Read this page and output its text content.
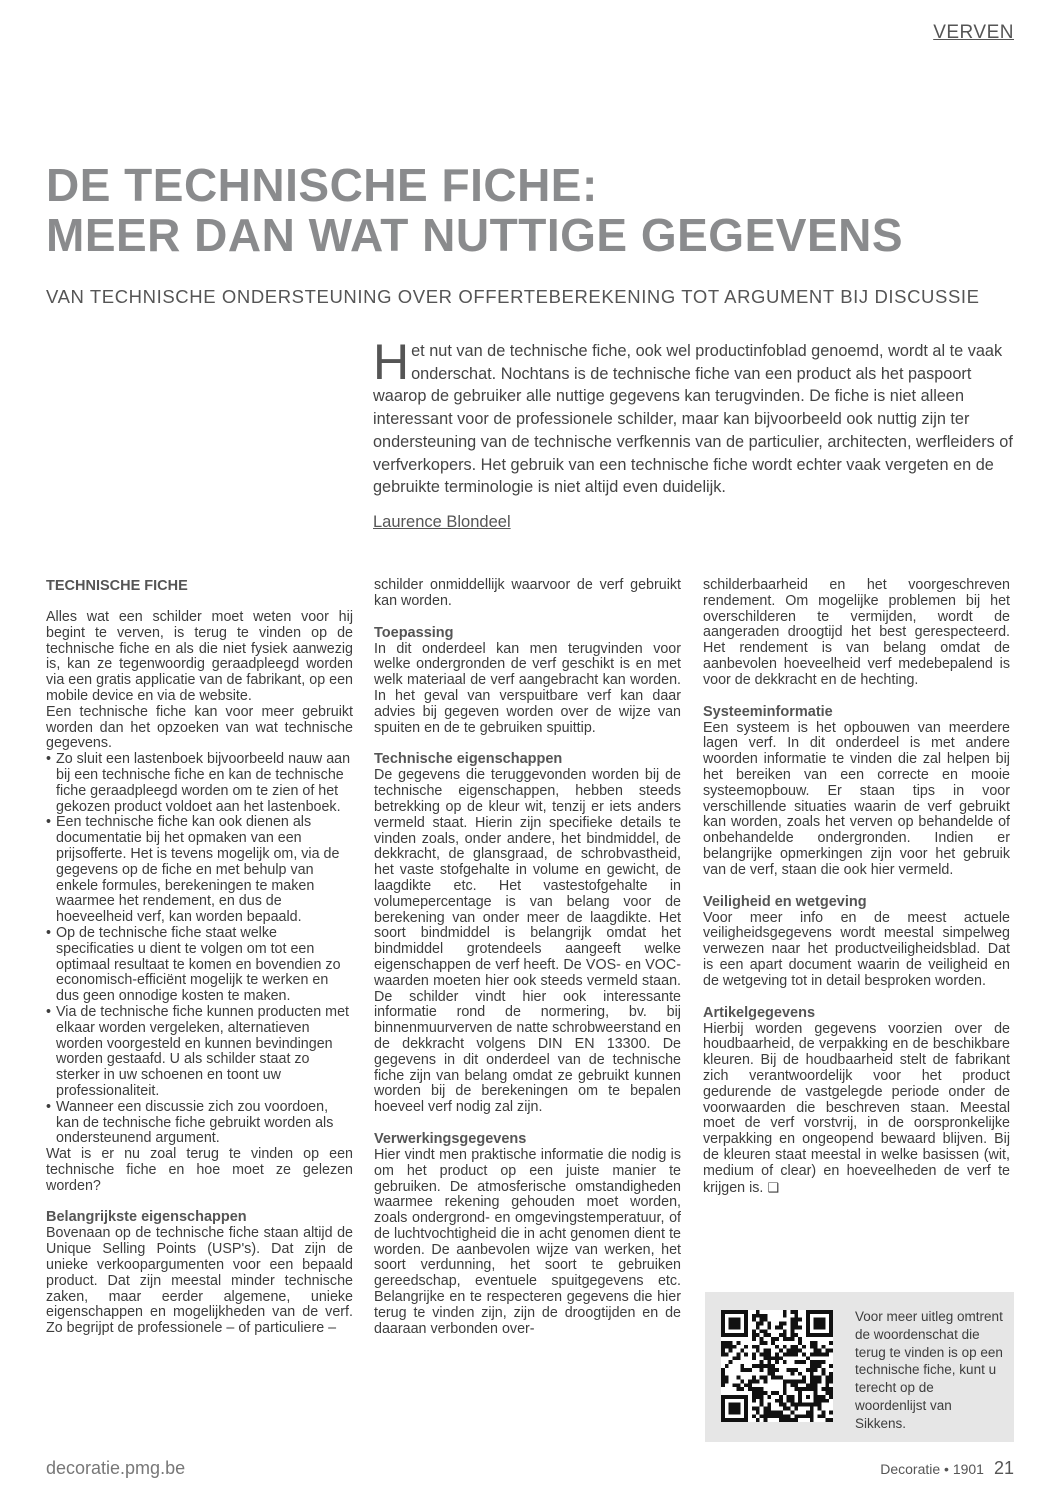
VERVEN
DE TECHNISCHE FICHE:
MEER DAN WAT NUTTIGE GEGEVENS

VAN TECHNISCHE ONDERSTEUNING OVER OFFERTEBEREKENING TOT ARGUMENT BIJ DISCUSSIE

Het nut van de technische fiche, ook wel productinfoblad genoemd, wordt al te vaak onderschat. Nochtans is de technische fiche van een product als het paspoort waarop de gebruiker alle nuttige gegevens kan terugvinden. De fiche is niet alleen interessant voor de professionele schilder, maar kan bijvoorbeeld ook nuttig zijn ter ondersteuning van de technische verfkennis van de particulier, architecten, werfleiders of verfverkopers. Het gebruik van een technische fiche wordt echter vaak vergeten en de gebruikte terminologie is niet altijd even duidelijk.

Laurence Blondeel
TECHNISCHE FICHE

Alles wat een schilder moet weten voor hij begint te verven, is terug te vinden op de technische fiche en als die niet fysiek aanwezig is, kan ze tegenwoordig geraadpleegd worden via een gratis applicatie van de fabrikant, op een mobile device en via de website.

Een technische fiche kan voor meer gebruikt worden dan het opzoeken van wat technische gegevens.

• Zo sluit een lastenboek bijvoorbeeld nauw aan bij een technische fiche en kan de technische fiche geraadpleegd worden om te zien of het gekozen product voldoet aan het lastenboek.
• Een technische fiche kan ook dienen als documentatie bij het opmaken van een prijsofferte. Het is tevens mogelijk om, via de gegevens op de fiche en met behulp van enkele formules, berekeningen te maken waarmee het rendement, en dus de hoeveelheid verf, kan worden bepaald.
• Op de technische fiche staat welke specificaties u dient te volgen om tot een optimaal resultaat te komen en bovendien zo economisch-efficiënt mogelijk te werken en dus geen onnodige kosten te maken.
• Via de technische fiche kunnen producten met elkaar worden vergeleken, alternatieven worden voorgesteld en kunnen bevindingen worden gestaafd. U als schilder staat zo sterker in uw schoenen en toont uw professionaliteit.
• Wanneer een discussie zich zou voordoen, kan de technische fiche gebruikt worden als ondersteunend argument.

Wat is er nu zoal terug te vinden op een technische fiche en hoe moet ze gelezen worden?

Belangrijkste eigenschappen

Bovenaan op de technische fiche staan altijd de Unique Selling Points (USP's). Dat zijn de unieke verkoopargumenten voor een bepaald product. Dat zijn meestal minder technische zaken, maar eerder algemene, unieke eigenschappen en mogelijkheden van de verf. Zo begrijpt de professionele – of particuliere –

schilder onmiddellijk waarvoor de verf gebruikt kan worden.

Toepassing

In dit onderdeel kan men terugvinden voor welke ondergronden de verf geschikt is en met welk materiaal de verf aangebracht kan worden. In het geval van verspuitbare verf kan daar advies bij gegeven worden over de wijze van spuiten en de te gebruiken spuittip.

Technische eigenschappen

De gegevens die teruggevonden worden bij de technische eigenschappen, hebben steeds betrekking op de kleur wit, tenzij er iets anders vermeld staat. Hierin zijn specifieke details te vinden zoals, onder andere, het bindmiddel, de dekkracht, de glansgraad, de schrobvastheid, het vaste stofgehalte in volume en gewicht, de laagdikte etc. Het vastestofgehalte in volumepercentage is van belang voor de berekening van onder meer de laagdikte. Het soort bindmiddel is belangrijk omdat het bindmiddel grotendeels aangeeft welke eigenschappen de verf heeft. De VOS- en VOC-waarden moeten hier ook steeds vermeld staan. De schilder vindt hier ook interessante informatie rond de normering, bv. bij binnenmuurverven de natte schrobweerstand en de dekkracht volgens DIN EN 13300. De gegevens in dit onderdeel van de technische fiche zijn van belang omdat ze gebruikt kunnen worden bij de berekeningen om te bepalen hoeveel verf nodig zal zijn.

Verwerkingsgegevens

Hier vindt men praktische informatie die nodig is om het product op een juiste manier te gebruiken. De atmosferische omstandigheden waarmee rekening gehouden moet worden, zoals ondergrond- en omgevingstemperatuur, of de luchtvochtigheid die in acht genomen dient te worden. De aanbevolen wijze van werken, het soort verdunning, het soort te gebruiken gereedschap, eventuele spuitgegevens etc. Belangrijke en te respecteren gegevens die hier terug te vinden zijn, zijn de droogtijden en de daaraan verbonden over-

schilderbaarheid en het voorgeschreven rendement. Om mogelijke problemen bij het overschilderen te vermijden, wordt de aangeraden droogtijd het best gerespecteerd. Het rendement is van belang omdat de aanbevolen hoeveelheid verf medebepalend is voor de dekkracht en de hechting.

Systeeminformatie

Een systeem is het opbouwen van meerdere lagen verf. In dit onderdeel is met andere woorden informatie te vinden die zal helpen bij het bereiken van een correcte en mooie systeemopbouw. Er staan tips in voor verschillende situaties waarin de verf gebruikt kan worden, zoals het verven op behandelde of onbehandelde ondergronden. Indien er belangrijke opmerkingen zijn voor het gebruik van de verf, staan die ook hier vermeld.

Veiligheid en wetgeving

Voor meer info en de meest actuele veiligheidsgegevens wordt meestal simpelweg verwezen naar het productveiligheidsblad. Dat is een apart document waarin de veiligheid en de wetgeving tot in detail besproken worden.

Artikelgegevens

Hierbij worden gegevens voorzien over de houdbaarheid, de verpakking en de beschikbare kleuren. Bij de houdbaarheid stelt de fabrikant zich verantwoordelijk voor het product gedurende de vastgelegde periode onder de voorwaarden die beschreven staan. Meestal moet de verf vorstvrij, in de oorspronkelijke verpakking en ongeopend bewaard blijven. Bij de kleuren staat meestal in welke basissen (wit, medium of clear) en hoeveelheden de verf te krijgen is. ❑

Voor meer uitleg omtrent de woordenschat die terug te vinden is op een technische fiche, kunt u terecht op de woordenlijst van Sikkens.
decoratie.pmg.be	Decoratie • 1901 21
